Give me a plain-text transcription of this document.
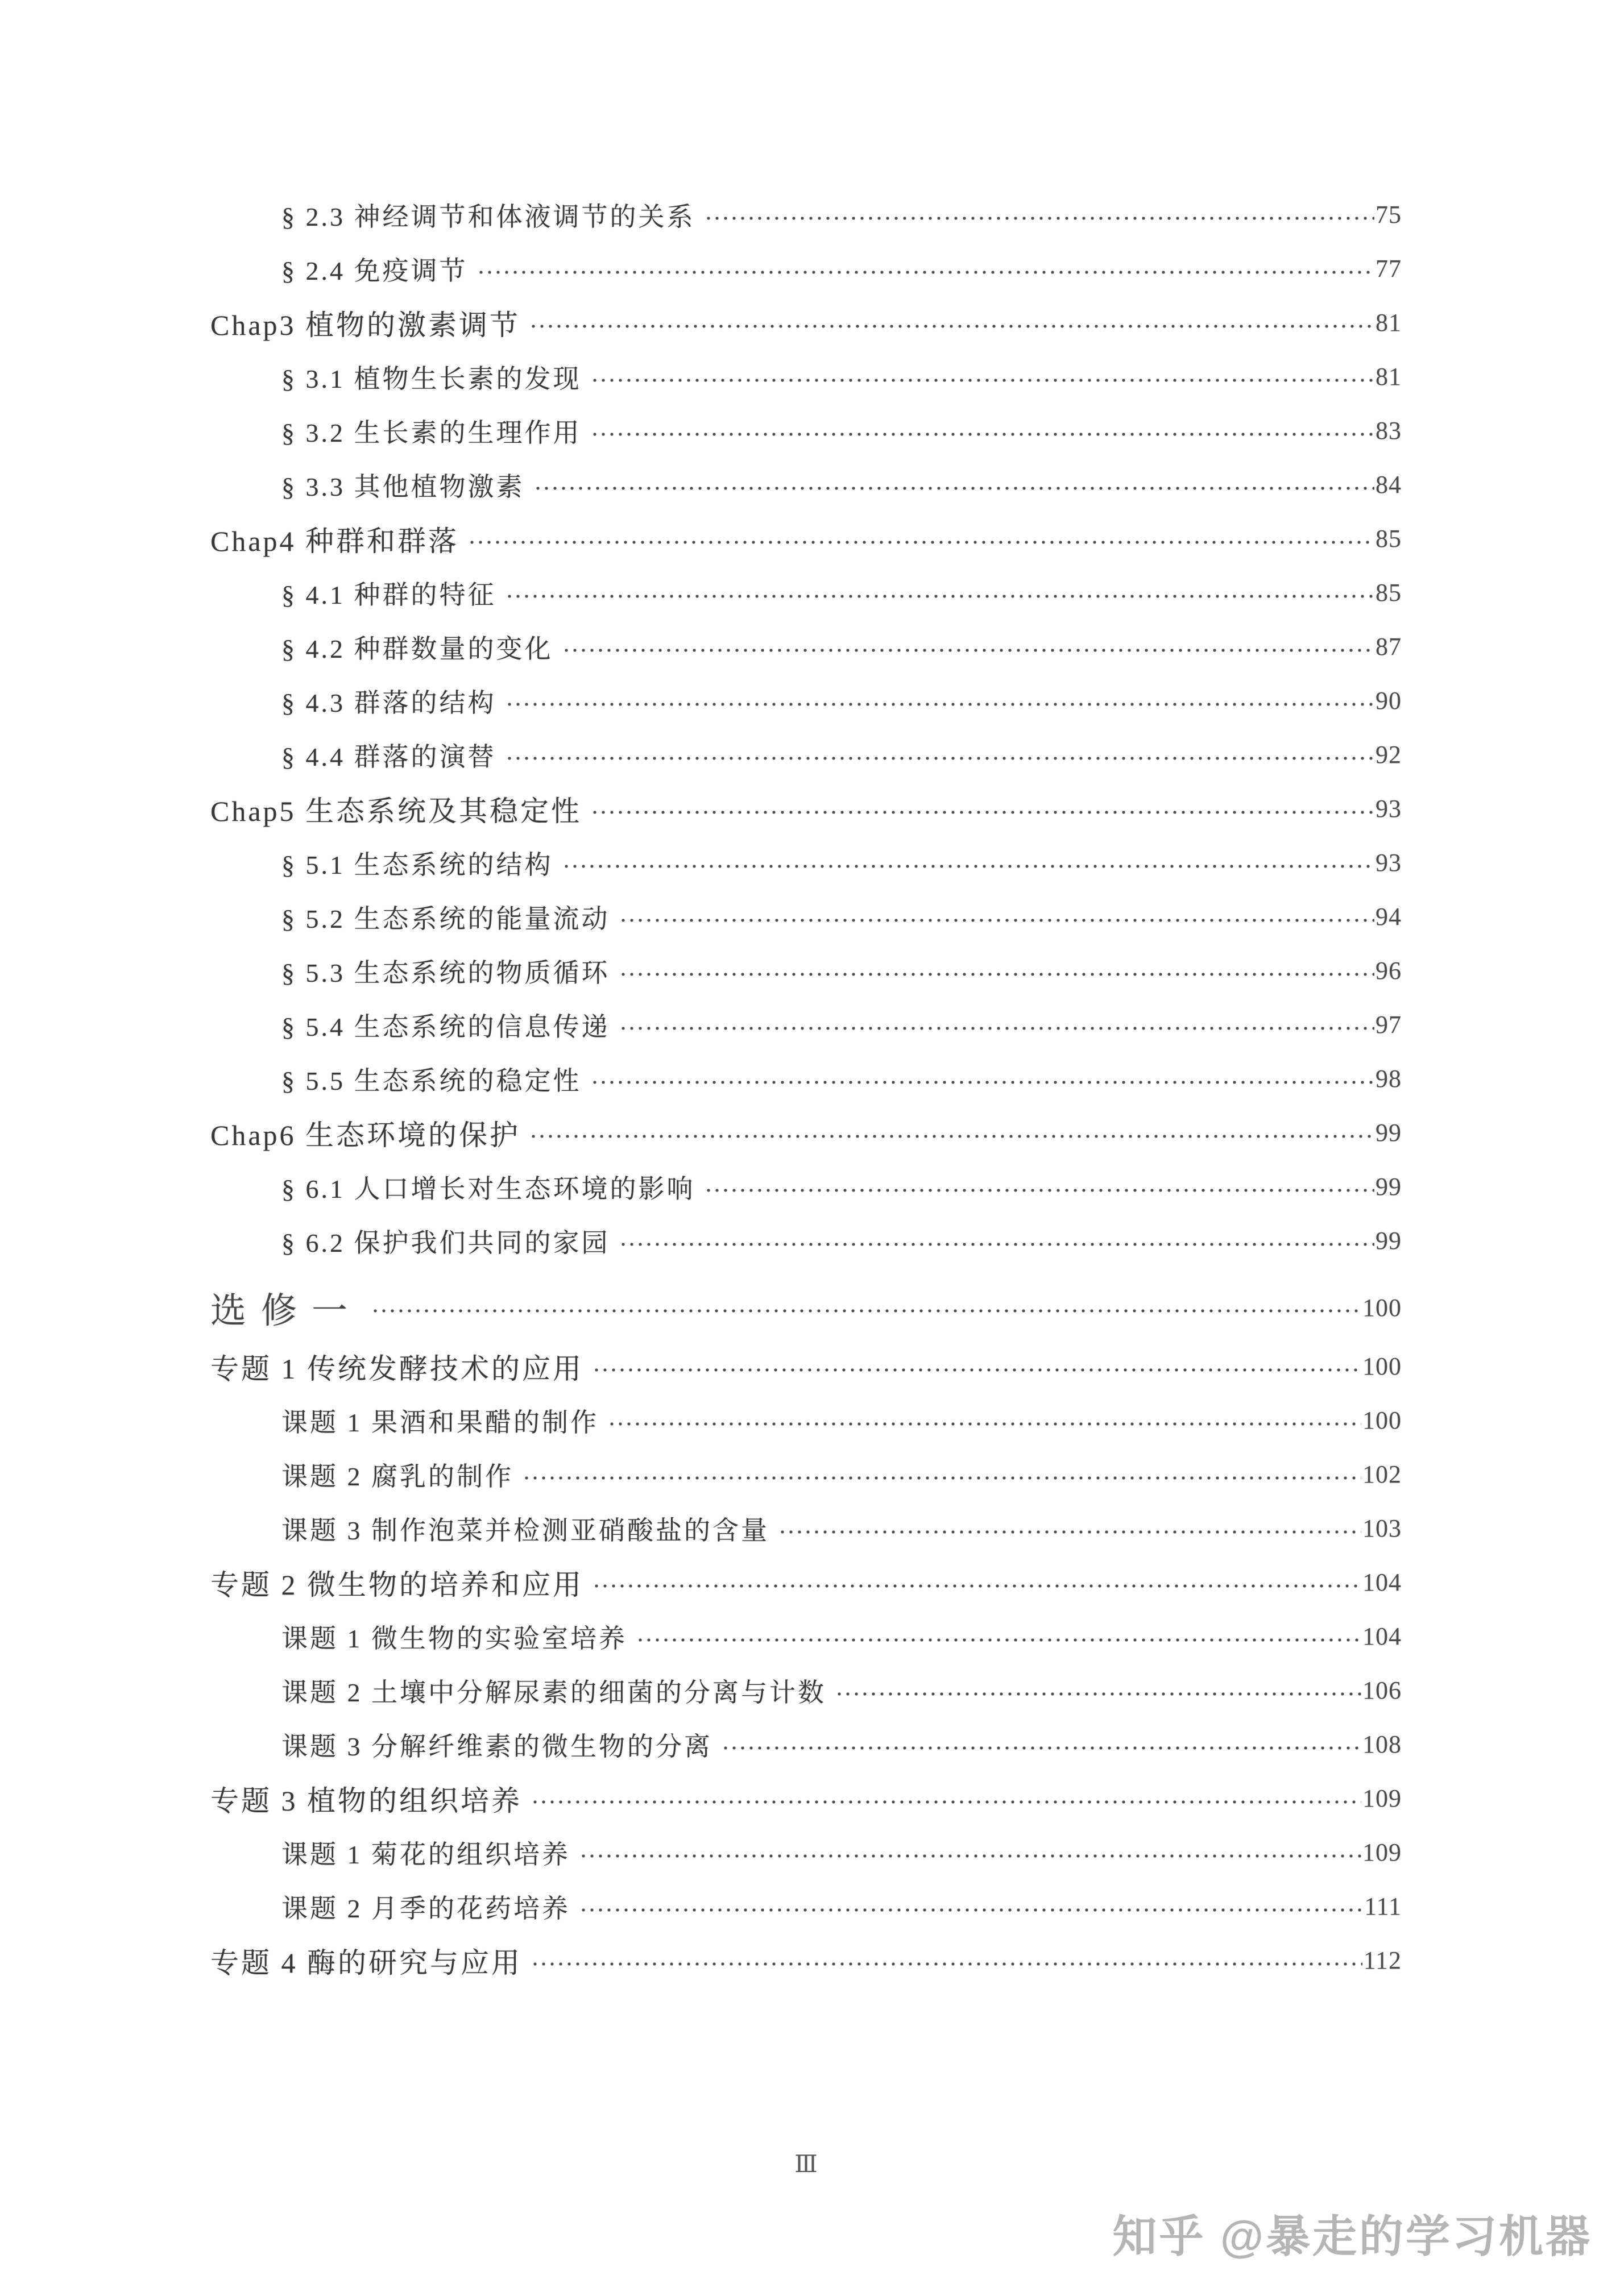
§ 2.3 神经调节和体液调节的关系	75
§ 2.4 免疫调节	77
Chap3 植物的激素调节	81
§ 3.1 植物生长素的发现	81
§ 3.2 生长素的生理作用	83
§ 3.3 其他植物激素	84
Chap4 种群和群落	85
§ 4.1 种群的特征	85
§ 4.2 种群数量的变化	87
§ 4.3 群落的结构	90
§ 4.4 群落的演替	92
Chap5 生态系统及其稳定性	93
§ 5.1 生态系统的结构	93
§ 5.2 生态系统的能量流动	94
§ 5.3 生态系统的物质循环	96
§ 5.4 生态系统的信息传递	97
§ 5.5 生态系统的稳定性	98
Chap6 生态环境的保护	99
§ 6.1 人口增长对生态环境的影响	99
§ 6.2 保护我们共同的家园	99
选修一	100
专题 1 传统发酵技术的应用	100
课题 1 果酒和果醋的制作	100
课题 2 腐乳的制作	102
课题 3 制作泡菜并检测亚硝酸盐的含量	103
专题 2 微生物的培养和应用	104
课题 1 微生物的实验室培养	104
课题 2 土壤中分解尿素的细菌的分离与计数	106
课题 3 分解纤维素的微生物的分离	108
专题 3 植物的组织培养	109
课题 1 菊花的组织培养	109
课题 2 月季的花药培养	111
专题 4 酶的研究与应用	112
Ⅲ
知乎 @暴走的学习机器
